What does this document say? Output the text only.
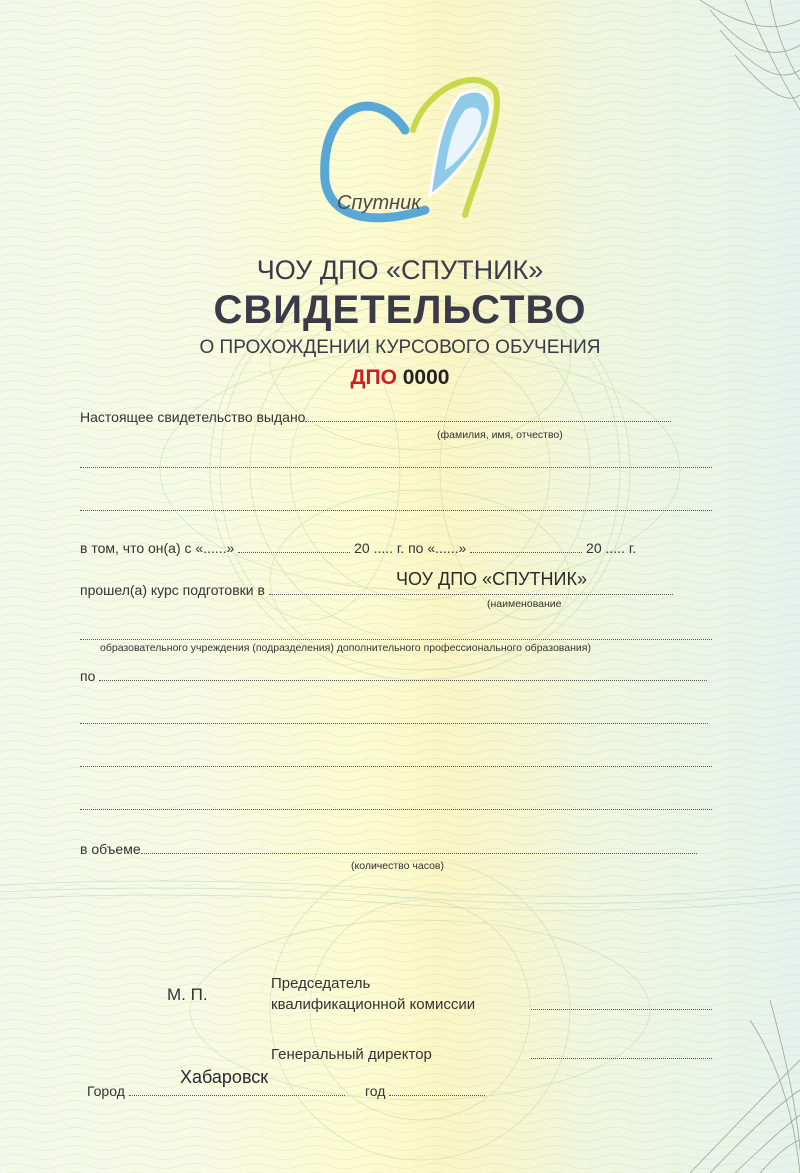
Спутник
ЧОУ ДПО «СПУТНИК»
СВИДЕТЕЛЬСТВО
О ПРОХОЖДЕНИИ КУРСОВОГО ОБУЧЕНИЯ
ДПО 0000
Настоящее свидетельство выдано
(фамилия, имя, отчество)
в том, что он(а) с «......»	20 ..... г. по «......»	20 ..... г.
ЧОУ ДПО «СПУТНИК»
прошел(а) курс подготовки в
(наименование
образовательного учреждения (подразделения) дополнительного профессионального образования)
по
в объеме
(количество часов)
М. П.
Председатель
квалификационной комиссии
Генеральный директор
Хабаровск
Город	год
